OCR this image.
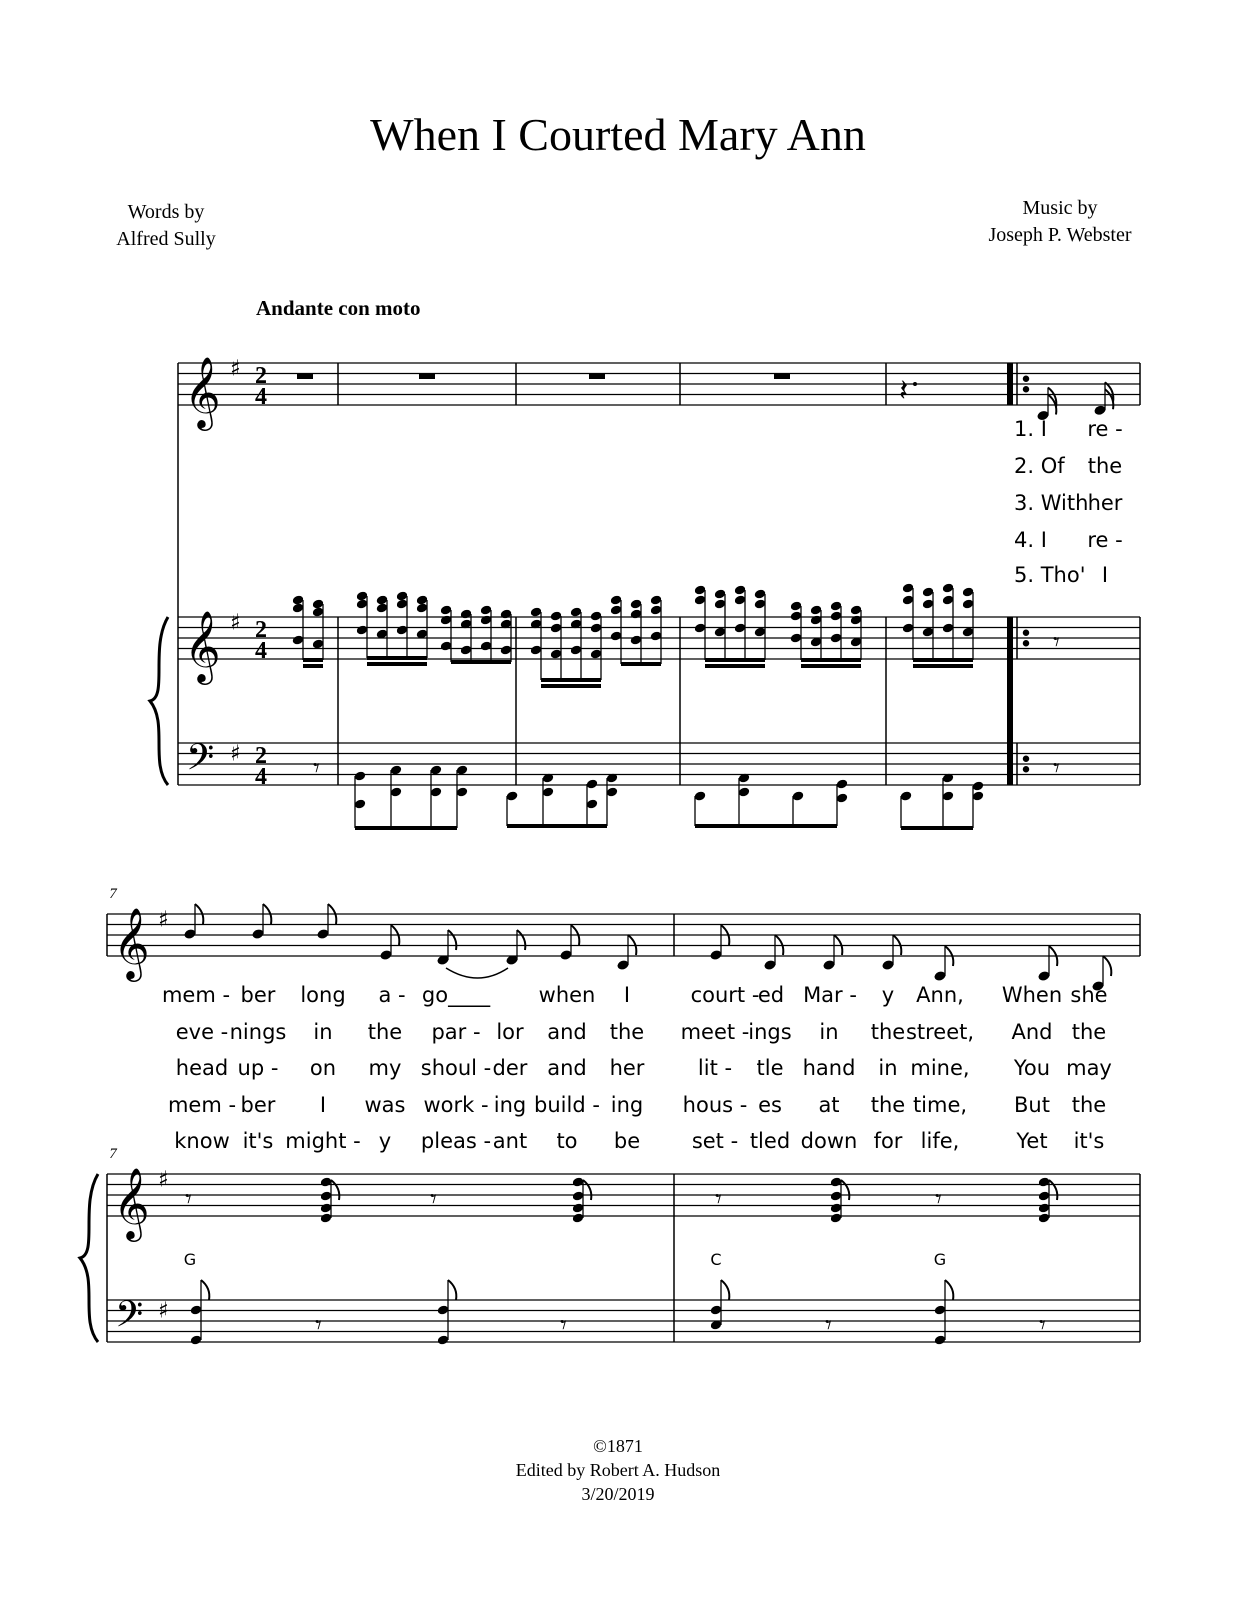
When I Courted Mary Ann
Words by
Alfred Sully
Music by
Joseph P. Webster
Andante con moto
𝄞
𝄞
𝄢
𝄞
𝄞
𝄢
♯
♯
♯
♯
♯
♯
2
4
2
4
2
4
𝄽
𝄾
𝄾	𝄾
𝄾	𝄾	𝄾	𝄾
𝄾	𝄾	𝄾	𝄾
1. I re -
2. Of the
3. With her
4. I re -
5. Tho' I
7
7
mem - ber long a - go____ when I	court -
ed Mar - y Ann, When she
eve - nings in the par - lor and the meet -
ings in the street, And the
head up - on my shoul - der and her	lit - tle hand in mine, You may
mem - ber I was work - ing build - ing hous - es at the time, But the
know it's might - y pleas - ant to be set - tled down for life,	Yet it's
G	C	G
©1871
Edited by Robert A. Hudson
3/20/2019
